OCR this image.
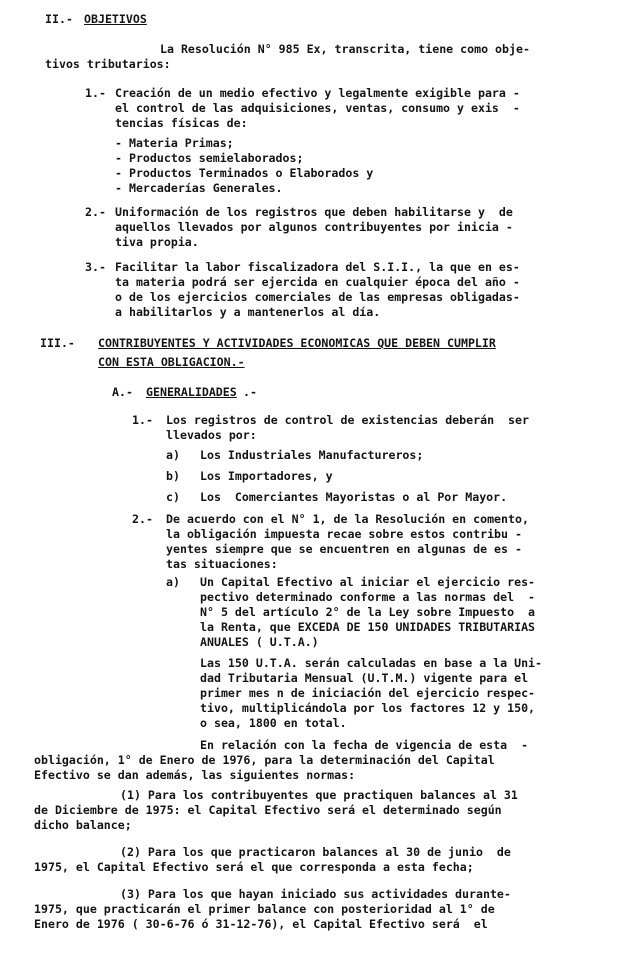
II.- OBJETIVOS
La Resolución N° 985 Ex, transcrita, tiene como obje-
tivos tributarios:
1.- Creación de un medio efectivo y legalmente exigible para -
el control de las adquisiciones, ventas, consumo y exis  -
tencias físicas de:
- Materia Primas;
- Productos semielaborados;
- Productos Terminados o Elaborados y
- Mercaderías Generales.
2.- Uniformación de los registros que deben habilitarse y  de
aquellos llevados por algunos contribuyentes por inicia -
tiva propia.
3.- Facilitar la labor fiscalizadora del S.I.I., la que en es-
ta materia podrá ser ejercida en cualquier época del año -
o de los ejercicios comerciales de las empresas obligadas-
a habilitarlos y a mantenerlos al día.
III.- CONTRIBUYENTES Y ACTIVIDADES ECONOMICAS QUE DEBEN CUMPLIR
CON ESTA OBLIGACION.-
A.- GENERALIDADES .-
1.- Los registros de control de existencias deberán  ser
llevados por:
a) Los Industriales Manufactureros;
b) Los Importadores, y
c) Los  Comerciantes Mayoristas o al Por Mayor.
2.- De acuerdo con el N° 1, de la Resolución en comento,
la obligación impuesta recae sobre estos contribu -
yentes siempre que se encuentren en algunas de es -
tas situaciones:
a) Un Capital Efectivo al iniciar el ejercicio res-
pectivo determinado conforme a las normas del  -
N° 5 del artículo 2° de la Ley sobre Impuesto  a
la Renta, que EXCEDA DE 150 UNIDADES TRIBUTARIAS
ANUALES ( U.T.A.)
Las 150 U.T.A. serán calculadas en base a la Uni-
dad Tributaria Mensual (U.T.M.) vigente para el
primer mes n de iniciación del ejercicio respec-
tivo, multiplicándola por los factores 12 y 150,
o sea, 1800 en total.
En relación con la fecha de vigencia de esta  -
obligación, 1° de Enero de 1976, para la determinación del Capital
Efectivo se dan además, las siguientes normas:
(1) Para los contribuyentes que practiquen balances al 31
de Diciembre de 1975: el Capital Efectivo será el determinado según
dicho balance;
(2) Para los que practicaron balances al 30 de junio  de
1975, el Capital Efectivo será el que corresponda a esta fecha;
(3) Para los que hayan iniciado sus actividades durante-
1975, que practicarán el primer balance con posterioridad al 1° de
Enero de 1976 ( 30-6-76 ó 31-12-76), el Capital Efectivo será  el
